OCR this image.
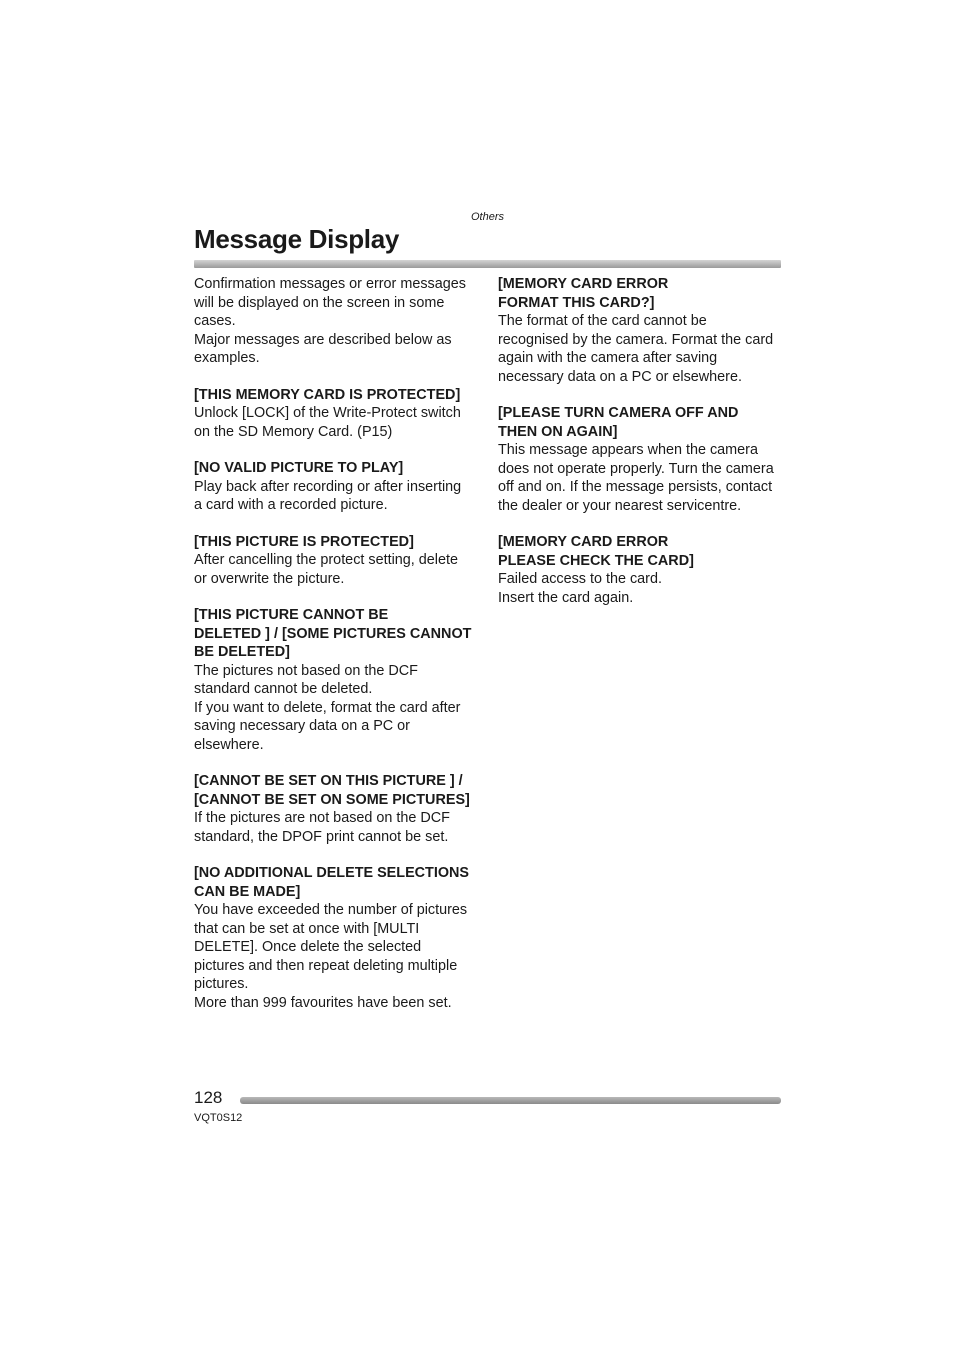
Others
Message Display

Confirmation messages or error messages
will be displayed on the screen in some
cases.

Major messages are described below as
examples.

[THIS MEMORY CARD IS PROTECTED]

Unlock [LOCK] of the Write-Protect switch
on the SD Memory Card. (P15)

[NO VALID PICTURE TO PLAY]

Play back after recording or after inserting
a card with a recorded picture.

[THIS PICTURE IS PROTECTED]

After cancelling the protect setting, delete
or overwrite the picture.

[THIS PICTURE CANNOT BE
DELETED ] / [SOME PICTURES CANNOT
BE DELETED]

The pictures not based on the DCF
standard cannot be deleted.

If you want to delete, format the card after
saving necessary data on a PC or
elsewhere.

[CANNOT BE SET ON THIS PICTURE ] /
[CANNOT BE SET ON SOME PICTURES]

If the pictures are not based on the DCF
standard, the DPOF print cannot be set.

[NO ADDITIONAL DELETE SELECTIONS
CAN BE MADE]

You have exceeded the number of pictures
that can be set at once with [MULTI
DELETE]. Once delete the selected
pictures and then repeat deleting multiple
pictures.

More than 999 favourites have been set.

[MEMORY CARD ERROR
FORMAT THIS CARD?]

The format of the card cannot be
recognised by the camera. Format the card
again with the camera after saving
necessary data on a PC or elsewhere.

[PLEASE TURN CAMERA OFF AND
THEN ON AGAIN]

This message appears when the camera
does not operate properly. Turn the camera
off and on. If the message persists, contact
the dealer or your nearest servicentre.

[MEMORY CARD ERROR
PLEASE CHECK THE CARD]

Failed access to the card.

Insert the card again.

128
VQT0S12
